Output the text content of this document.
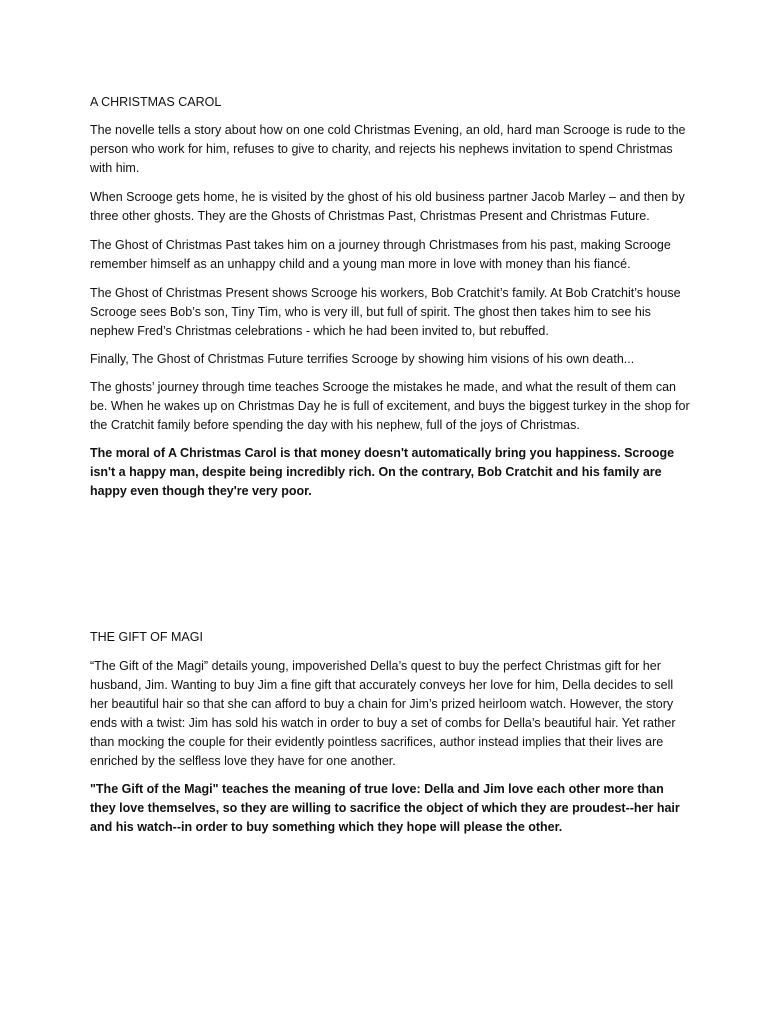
A CHRISTMAS CAROL

The novelle tells a story about how on one cold Christmas Evening, an old, hard man Scrooge is rude to the person who work for him, refuses to give to charity, and rejects his nephews invitation to spend Christmas with him.

When Scrooge gets home, he is visited by the ghost of his old business partner Jacob Marley – and then by three other ghosts. They are the Ghosts of Christmas Past, Christmas Present and Christmas Future.

The Ghost of Christmas Past takes him on a journey through Christmases from his past, making Scrooge remember himself as an unhappy child and a young man more in love with money than his fiancé.

The Ghost of Christmas Present shows Scrooge his workers, Bob Cratchit’s family. At Bob Cratchit’s house Scrooge sees Bob’s son, Tiny Tim, who is very ill, but full of spirit. The ghost then takes him to see his nephew Fred’s Christmas celebrations - which he had been invited to, but rebuffed.

Finally, The Ghost of Christmas Future terrifies Scrooge by showing him visions of his own death...

The ghosts’ journey through time teaches Scrooge the mistakes he made, and what the result of them can be. When he wakes up on Christmas Day he is full of excitement, and buys the biggest turkey in the shop for the Cratchit family before spending the day with his nephew, full of the joys of Christmas.

The moral of A Christmas Carol is that money doesn't automatically bring you happiness. Scrooge isn't a happy man, despite being incredibly rich. On the contrary, Bob Cratchit and his family are happy even though they're very poor.

THE GIFT OF MAGI

“The Gift of the Magi” details young, impoverished Della’s quest to buy the perfect Christmas gift for her husband, Jim. Wanting to buy Jim a fine gift that accurately conveys her love for him, Della decides to sell her beautiful hair so that she can afford to buy a chain for Jim’s prized heirloom watch. However, the story ends with a twist: Jim has sold his watch in order to buy a set of combs for Della’s beautiful hair. Yet rather than mocking the couple for their evidently pointless sacrifices, author instead implies that their lives are enriched by the selfless love they have for one another.

"The Gift of the Magi" teaches the meaning of true love: Della and Jim love each other more than they love themselves, so they are willing to sacrifice the object of which they are proudest--her hair and his watch--in order to buy something which they hope will please the other.
